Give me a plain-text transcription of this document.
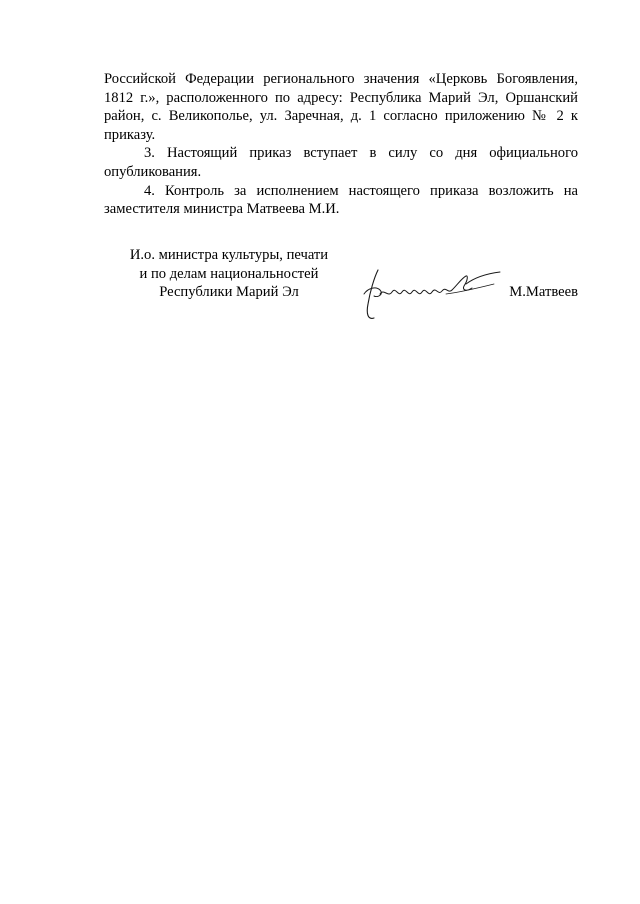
Российской Федерации регионального значения «Церковь Богоявления, 1812 г.», расположенного по адресу: Республика Марий Эл, Оршанский район, с. Великополье, ул. Заречная, д. 1 согласно приложению № 2 к приказу.

3. Настоящий приказ вступает в силу со дня официального опубликования.

4. Контроль за исполнением настоящего приказа возложить на заместителя министра Матвеева М.И.

И.о. министра культуры, печати
и по делам национальностей
Республики Марий Эл	М.Матвеев
